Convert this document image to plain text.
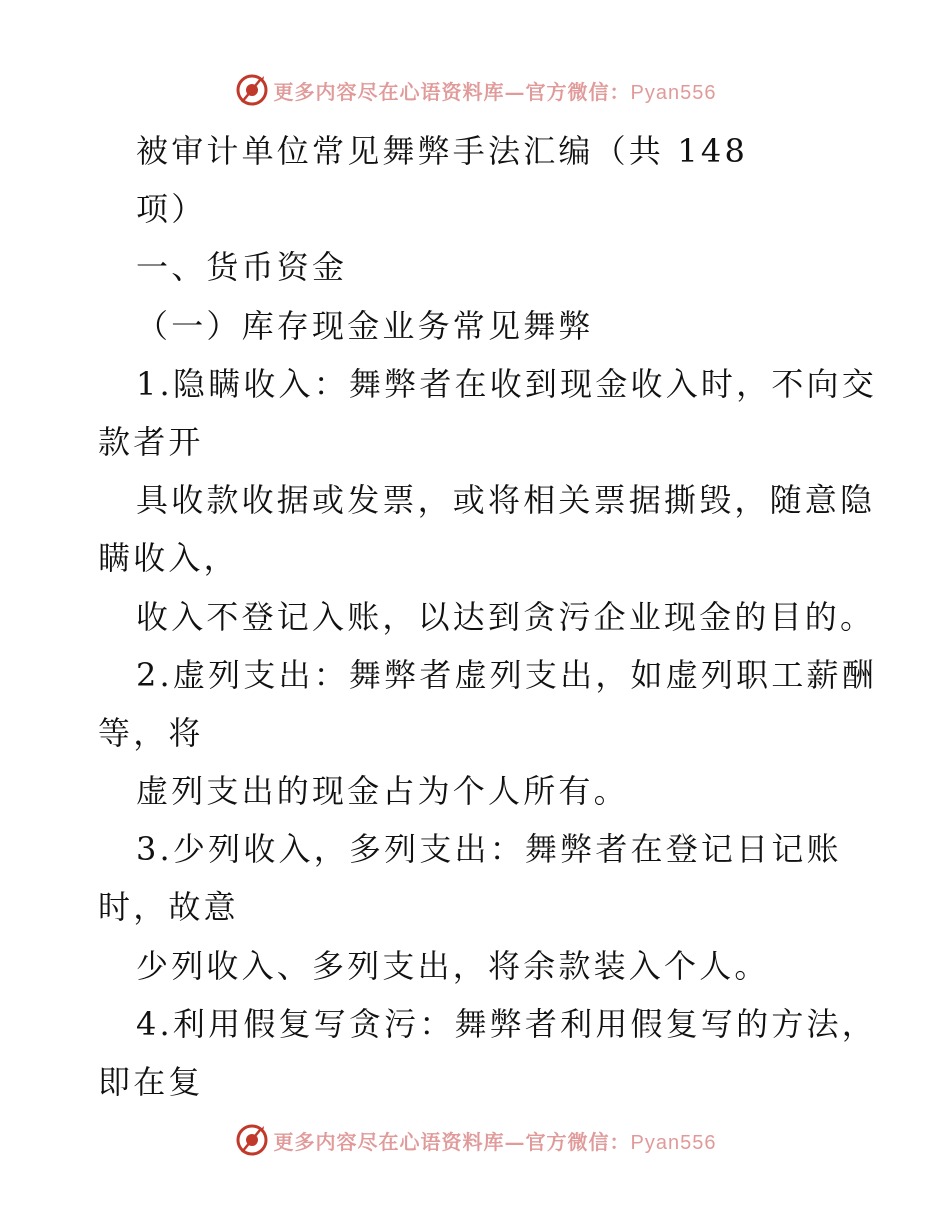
更多内容尽在心语资料库—官方微信：Pyan556
被审计单位常见舞弊手法汇编（共 148
项）
一、货币资金
（一）库存现金业务常见舞弊
1.隐瞒收入：舞弊者在收到现金收入时，不向交
款者开
具收款收据或发票，或将相关票据撕毁，随意隐
瞒收入，
收入不登记入账，以达到贪污企业现金的目的。
2.虚列支出：舞弊者虚列支出，如虚列职工薪酬
等，将
虚列支出的现金占为个人所有。
3.少列收入，多列支出：舞弊者在登记日记账
时，故意
少列收入、多列支出，将余款装入个人。
4.利用假复写贪污：舞弊者利用假复写的方法，
即在复
更多内容尽在心语资料库—官方微信：Pyan556
